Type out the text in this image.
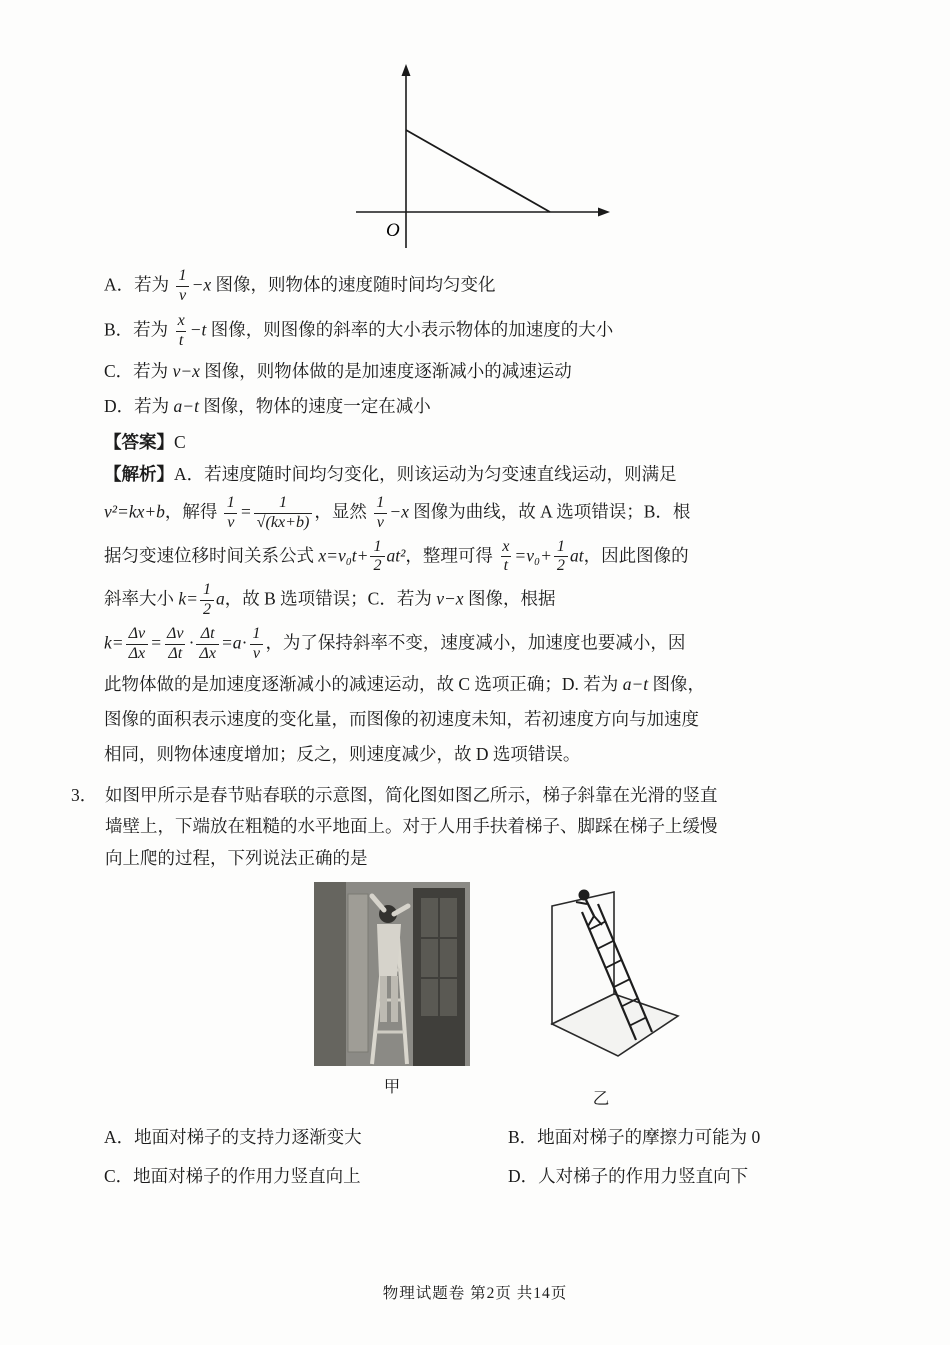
O
A．若为 $\frac{1}{v} -x$ 图像，则物体的速度随时间均匀变化
B．若为 $\frac{x}{t} -t$ 图像，则图像的斜率的大小表示物体的加速度的大小
C．若为 v−x 图像，则物体做的是加速度逐渐减小的减速运动
D．若为 a−t 图像，物体的速度一定在减小
【答案】C
【解析】A．若速度随时间均匀变化，则该运动为匀变速直线运动，则满足
v²=kx+b，解得 $\frac{1}{v} = \frac{1}{√(kx+b)}$ ，显然 $\frac{1}{v} -x$ 图像为曲线，故 A 选项错误；B．根
据匀变速位移时间关系公式 $x=v_0t+ \frac{1}{2} at^2$，整理可得 $\frac{x}{t} =v_0+ \frac{1}{2}$ at，因此图像的
斜率大小 $k= \frac{1}{2}$ a，故 B 选项错误；C．若为 v−x 图像，根据
$k= \frac{\Delta v}{\Delta x} = \frac{\Delta v}{\Delta t} \cdot \frac{\Delta t}{\Delta x} =a\cdot \frac{1}{v}$ ，为了保持斜率不变，速度减小，加速度也要减小，因
此物体做的是加速度逐渐减小的减速运动，故 C 选项正确；D. 若为 a−t 图像，
图像的面积表示速度的变化量，而图像的初速度未知，若初速度方向与加速度
相同，则物体速度增加；反之，则速度减少，故 D 选项错误。
3． 如图甲所示是春节贴春联的示意图，简化图如图乙所示，梯子斜靠在光滑的竖直
墙壁上，下端放在粗糙的水平地面上。对于人用手扶着梯子、脚踩在梯子上缓慢
向上爬的过程，下列说法正确的是
甲
乙
A．地面对梯子的支持力逐渐变大	B．地面对梯子的摩擦力可能为 0
C．地面对梯子的作用力竖直向上	D．人对梯子的作用力竖直向下
物理试题卷 第2页 共14页
